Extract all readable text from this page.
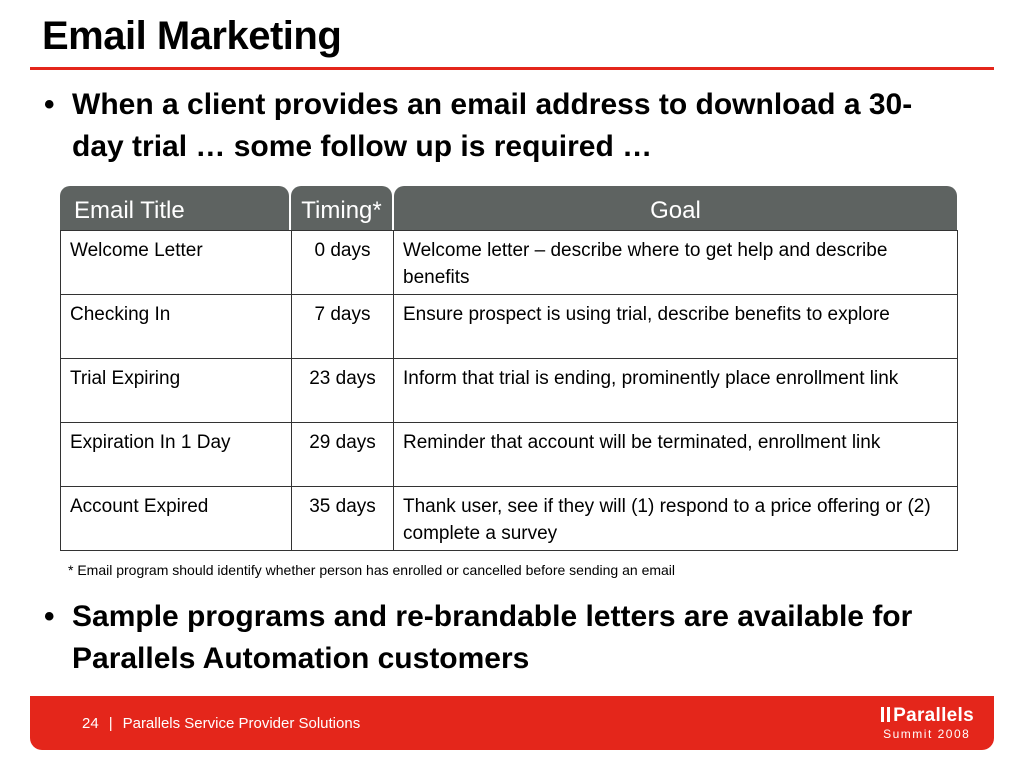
Email Marketing
• When a client provides an email address to download a 30-day trial … some follow up is required …
Email Title	Timing*	Goal
Welcome Letter	0 days	Welcome letter – describe where to get help and describe benefits
Checking In	7 days	Ensure prospect is using trial, describe benefits to explore
Trial Expiring	23 days	Inform that trial is ending, prominently place enrollment link
Expiration In 1 Day	29 days	Reminder that account will be terminated, enrollment link
Account Expired	35 days	Thank user, see if they will (1) respond to a price offering or (2) complete a survey
* Email program should identify whether person has enrolled or cancelled before sending an email
• Sample programs and re-brandable letters are available for Parallels Automation customers
24 | Parallels Service Provider Solutions	Parallels
Summit 2008
